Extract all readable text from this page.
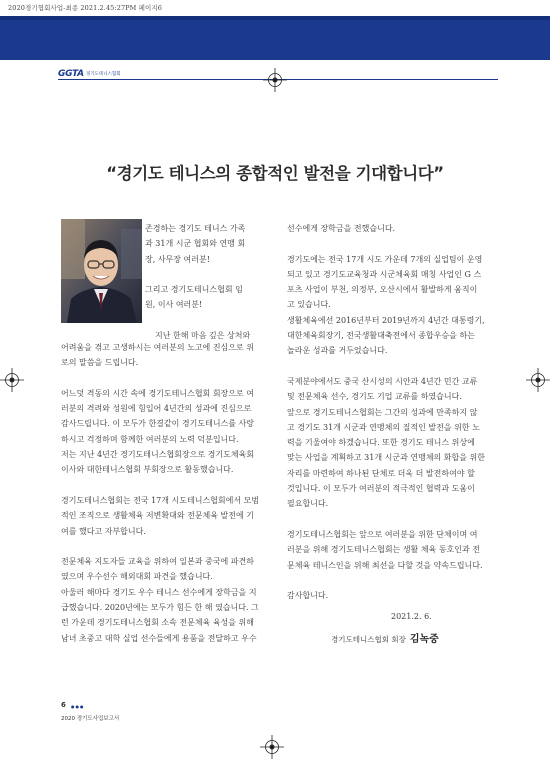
2020경기협회사업-최종 2021.2.45:27PM 페이지6
GGTA 경기도테니스협회
“경기도 테니스의 종합적인 발전을 기대합니다”

존경하는 경기도 테니스 가족

과 31개 시군 협회와 연맹 회

장, 사무장 여러분!

그리고 경기도테니스협회 임

원, 이사 여러분!

지난 한해 마음 깊은 상처와

어려움을 겪고 고생하시는 여러분의 노고에 진심으로 위

로의 말씀을 드립니다.

어느덧 격동의 시간 속에 경기도테니스협회 회장으로 여

러분의 격려와 성원에 힘입어 4년간의 성과에 진심으로

감사드립니다. 이 모두가 한결같이 경기도테니스를 사랑

하시고 걱정하며 함께한 여러분의 노력 덕분입니다.

저는 지난 4년간 경기도테니스협회장으로 경기도체육회

이사와 대한테니스협회 부회장으로 활동했습니다.

경기도테니스협회는 전국 17개 시도테니스협회에서 모범

적인 조직으로 생활체육 저변확대와 전문체육 발전에 기

여를 했다고 자부합니다.

전문체육 지도자들 교육을 위하여 일본과 중국에 파견하

였으며 우수선수 해외대회 파견을 했습니다.

아울러 해마다 경기도 우수 테니스 선수에게 장학금을 지

급했습니다. 2020년에는 모두가 힘든 한 해 였습니다. 그

런 가운데 경기도테니스협회 소속 전문체육 육성을 위해

남녀 초중고 대학 실업 선수들에게 용품을 전달하고 우수

선수에게 장학금을 전했습니다.

경기도에는 전국 17개 시도 가운데 7개의 실업팀이 운영

되고 있고 경기도교육청과 시군체육회 매칭 사업인 G 스

포츠 사업이 부천, 의정부, 오산시에서 활발하게 움직이

고 있습니다.

생활체육에선 2016년부터 2019년까지 4년간 대통령기,

대한체육회장기, 전국생활대축전에서 종합우승을 하는

놀라운 성과를 거두었습니다.

국제분야에서도 중국 산시성의 시안과 4년간 민간 교류

및 전문체육 선수, 경기도 기업 교류를 하였습니다.

앞으로 경기도테니스협회는 그간의 성과에 만족하지 않

고 경기도 31개 시군과 연맹체의 질적인 발전을 위한 노

력을 기울여야 하겠습니다. 또한 경기도 테니스 위상에

맞는 사업을 계획하고 31개 시군과 연맹체의 화합을 위한

자리를 마련하여 하나된 단체로 더욱 더 발전하여야 할

것입니다. 이 모두가 여러분의 적극적인 협력과 도움이

필요합니다.

경기도테니스협회는 앞으로 여러분을 위한 단체이며 여

러분을 위해 경기도테니스협회는 생활 체육 동호인과 전

문체육 테니스인을 위해 최선을 다할 것을 약속드립니다.

감사합니다.

2021.2. 6.
경기도테니스협회 회장 김녹중
6 ●●●
2020 경기도사업보고서
